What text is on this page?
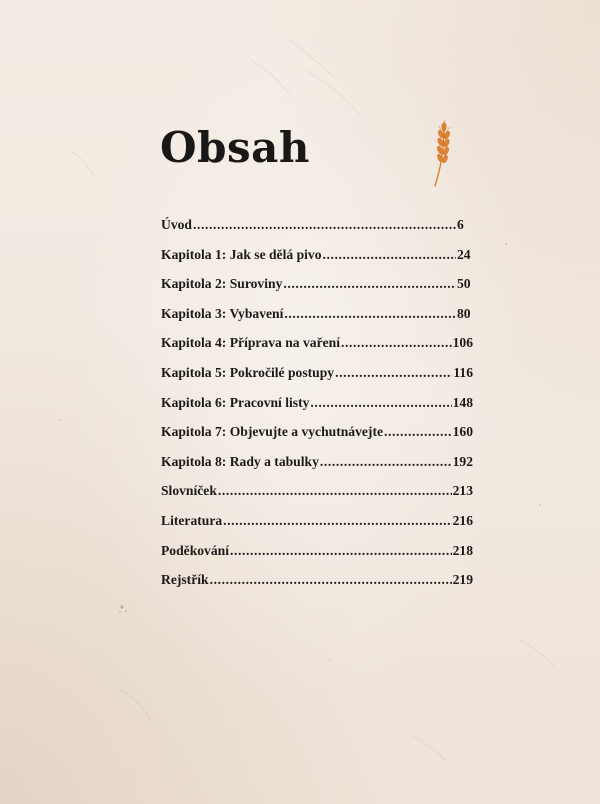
Obsah
Úvod .....	6
Kapitola 1: Jak se dělá pivo .....	24
Kapitola 2: Suroviny .....	50
Kapitola 3: Vybavení .....	80
Kapitola 4: Příprava na vaření .....	106
Kapitola 5: Pokročilé postupy .....	116
Kapitola 6: Pracovní listy .....	148
Kapitola 7: Objevujte a vychutnávejte .....	160
Kapitola 8: Rady a tabulky .....	192
Slovníček .....	213
Literatura .....	216
Poděkování .....	218
Rejstřík .....	219
